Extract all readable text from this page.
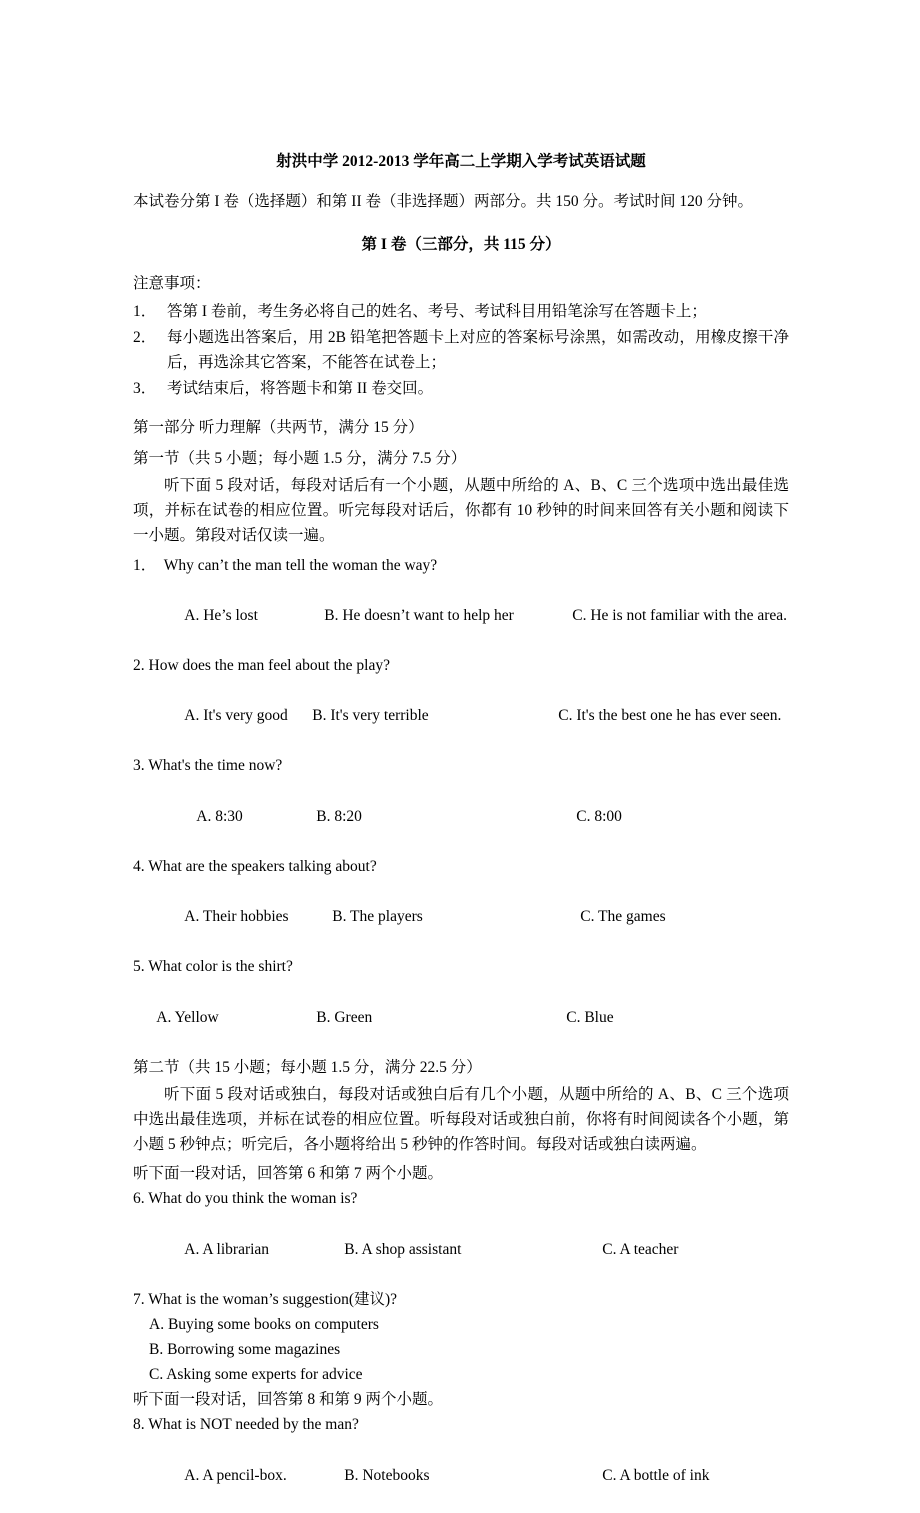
射洪中学 2012-2013 学年高二上学期入学考试英语试题
本试卷分第 I 卷（选择题）和第 II 卷（非选择题）两部分。共 150 分。考试时间 120 分钟。
第 I 卷（三部分，共 115 分）
注意事项：
1． 答第 I 卷前，考生务必将自己的姓名、考号、考试科目用铅笔涂写在答题卡上；
2． 每小题选出答案后，用 2B 铅笔把答题卡上对应的答案标号涂黑，如需改动，用橡皮擦干净后，再选涂其它答案，不能答在试卷上；
3． 考试结束后，将答题卡和第 II 卷交回。
第一部分 听力理解（共两节，满分 15 分）
第一节（共 5 小题；每小题 1.5 分，满分 7.5 分）
听下面 5 段对话，每段对话后有一个小题，从题中所给的 A、B、C 三个选项中选出最佳选项，并标在试卷的相应位置。听完每段对话后，你都有 10 秒钟的时间来回答有关小题和阅读下一小题。第段对话仅读一遍。
1．  Why can’t the man tell the woman the way?

A. He’s lost	B. He doesn’t want to help her	C. He is not familiar with the area.

2. How does the man feel about the play?

A. It's very good B. It's very terrible	C. It's the best one he has ever seen.

3. What's the time now?

A. 8:30	B. 8:20	C. 8:00

4. What are the speakers talking about?

A. Their hobbies	B. The players	C. The games

5. What color is the shirt?

A. Yellow	B. Green	C. Blue

第二节（共 15 小题；每小题 1.5 分，满分 22.5 分）
听下面 5 段对话或独白，每段对话或独白后有几个小题，从题中所给的 A、B、C 三个选项中选出最佳选项，并标在试卷的相应位置。听每段对话或独白前，你将有时间阅读各个小题，第小题 5 秒钟点；听完后，各小题将给出 5 秒钟的作答时间。每段对话或独白读两遍。
听下面一段对话，回答第 6 和第 7 两个小题。
6. What do you think the woman is?

A. A librarian	B. A shop assistant	C. A teacher

7. What is the woman’s suggestion(建议)?
A. Buying some books on computers
B. Borrowing some magazines
C. Asking some experts for advice
听下面一段对话，回答第 8 和第 9 两个小题。
8. What is NOT needed by the man?

A. A pencil-box.	B. Notebooks	C. A bottle of ink
